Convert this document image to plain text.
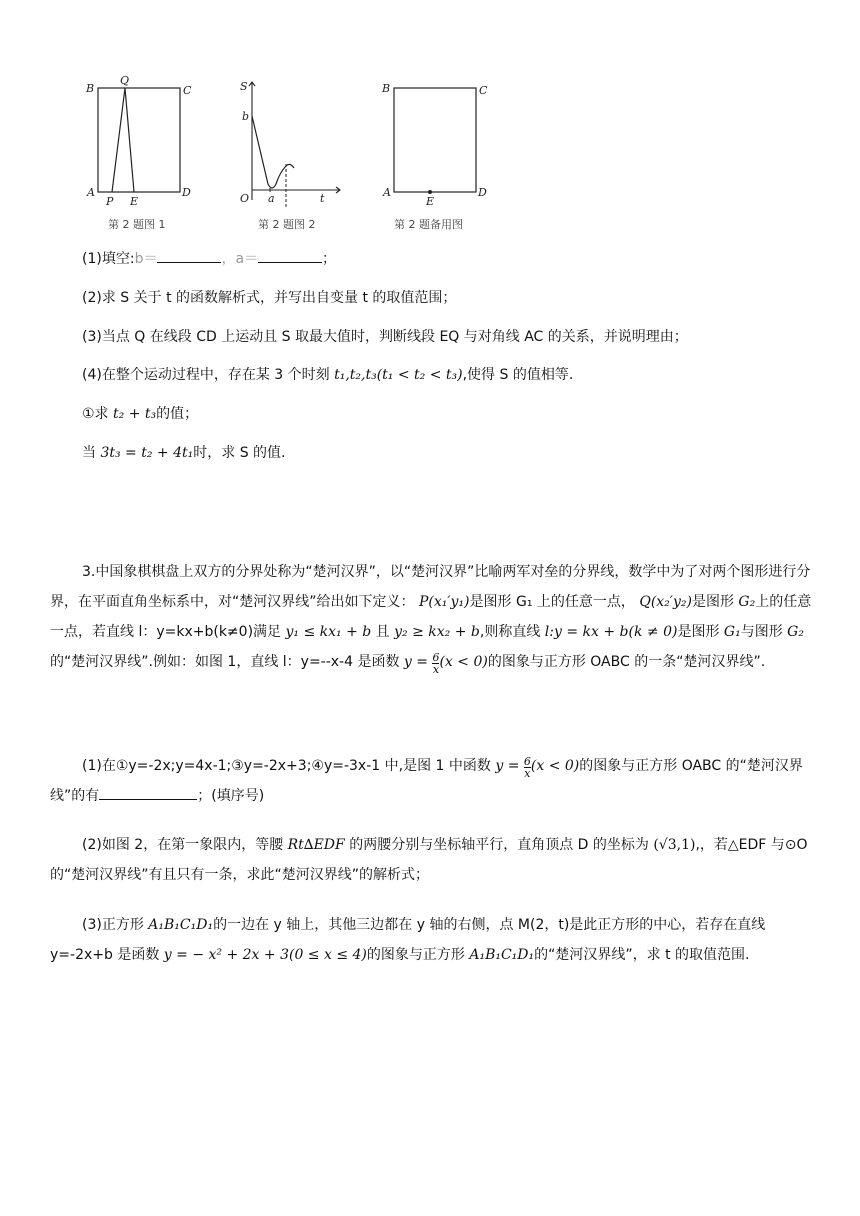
B
Q
C
A
P E
D
第 2 题图 1
S
b
O a	t
第 2 题图 2
B	C
A
E
D
第 2 题备用图
(1)填空:b＝	，a＝	；
(2)求 S 关于 t 的函数解析式，并写出自变量 t 的取值范围；
(3)当点 Q 在线段 CD 上运动且 S 取最大值时，判断线段 EQ 与对角线 AC 的关系，并说明理由；
(4)在整个运动过程中，存在某 3 个时刻 t₁,t₂,t₃(t₁ < t₂ < t₃),使得 S 的值相等.
①求 t₂ + t₃的值；
当 3t₃ = t₂ + 4t₁时，求 S 的值.
3.中国象棋棋盘上双方的分界处称为“楚河汉界”，以“楚河汉界”比喻两军对垒的分界线，数学中为了对两个图形进行分界，在平面直角坐标系中，对“楚河汉界线”给出如下定义： P(x₁′y₁)是图形 G₁ 上的任意一点， Q(x₂′y₂)是图形 G₂上的任意一点，若直线 l：y=kx+b(k≠0)满足 y₁ ≤ kx₁ + b 且 y₂ ≥ kx₂ + b,则称直线 l:y = kx + b(k ≠ 0)是图形 G₁与图形 G₂的“楚河汉界线”.例如：如图 1，直线 l：y=--x-4 是函数 $y = \frac{6}{x} (x < 0)$的图象与正方形 OABC 的一条“楚河汉界线”.
(1)在①y=-2x;y=4x-1;③y=-2x+3;④y=-3x-1 中,是图 1 中函数 $y = \frac{6}{x} (x < 0)$的图象与正方形 OABC 的“楚河汉界线”的有	；(填序号)
(2)如图 2，在第一象限内，等腰 Rt∆EDF 的两腰分别与坐标轴平行，直角顶点 D 的坐标为 (√3,1),，若△EDF 与⊙O 的“楚河汉界线”有且只有一条，求此“楚河汉界线”的解析式；
(3)正方形 A₁B₁C₁D₁的一边在 y 轴上，其他三边都在 y 轴的右侧，点 M(2，t)是此正方形的中心，若存在直线 y=-2x+b 是函数 y = − x² + 2x + 3(0 ≤ x ≤ 4)的图象与正方形 A₁B₁C₁D₁的“楚河汉界线”，求 t 的取值范围.
